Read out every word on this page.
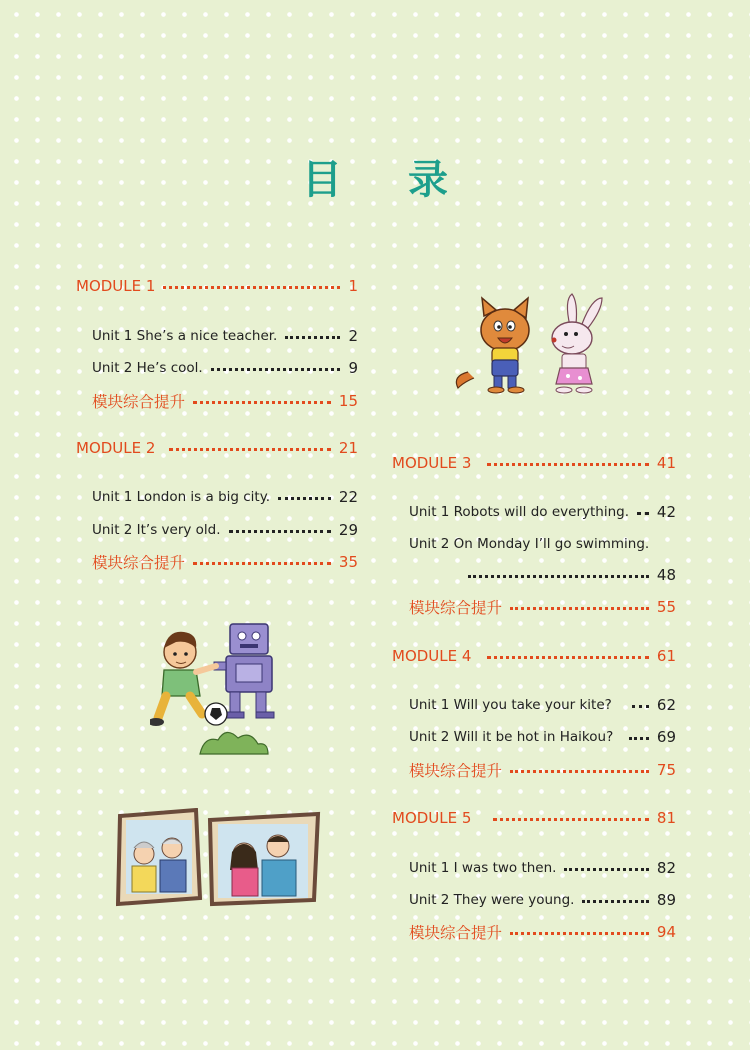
目 录
MODULE 1	1
Unit 1 She’s a nice teacher.	2
Unit 2 He’s cool.	9
模块综合提升	15
MODULE 2	21
Unit 1 London is a big city.	22
Unit 2 It’s very old.	29
模块综合提升	35
MODULE 3	41
Unit 1 Robots will do everything. 42
Unit 2 On Monday I’ll go swimming.
48
模块综合提升	55
MODULE 4	61
Unit 1 Will you take your kite?	62
Unit 2 Will it be hot in Haikou?	69
模块综合提升	75
MODULE 5	81
Unit 1 I was two then.	82
Unit 2 They were young.	89
模块综合提升	94
